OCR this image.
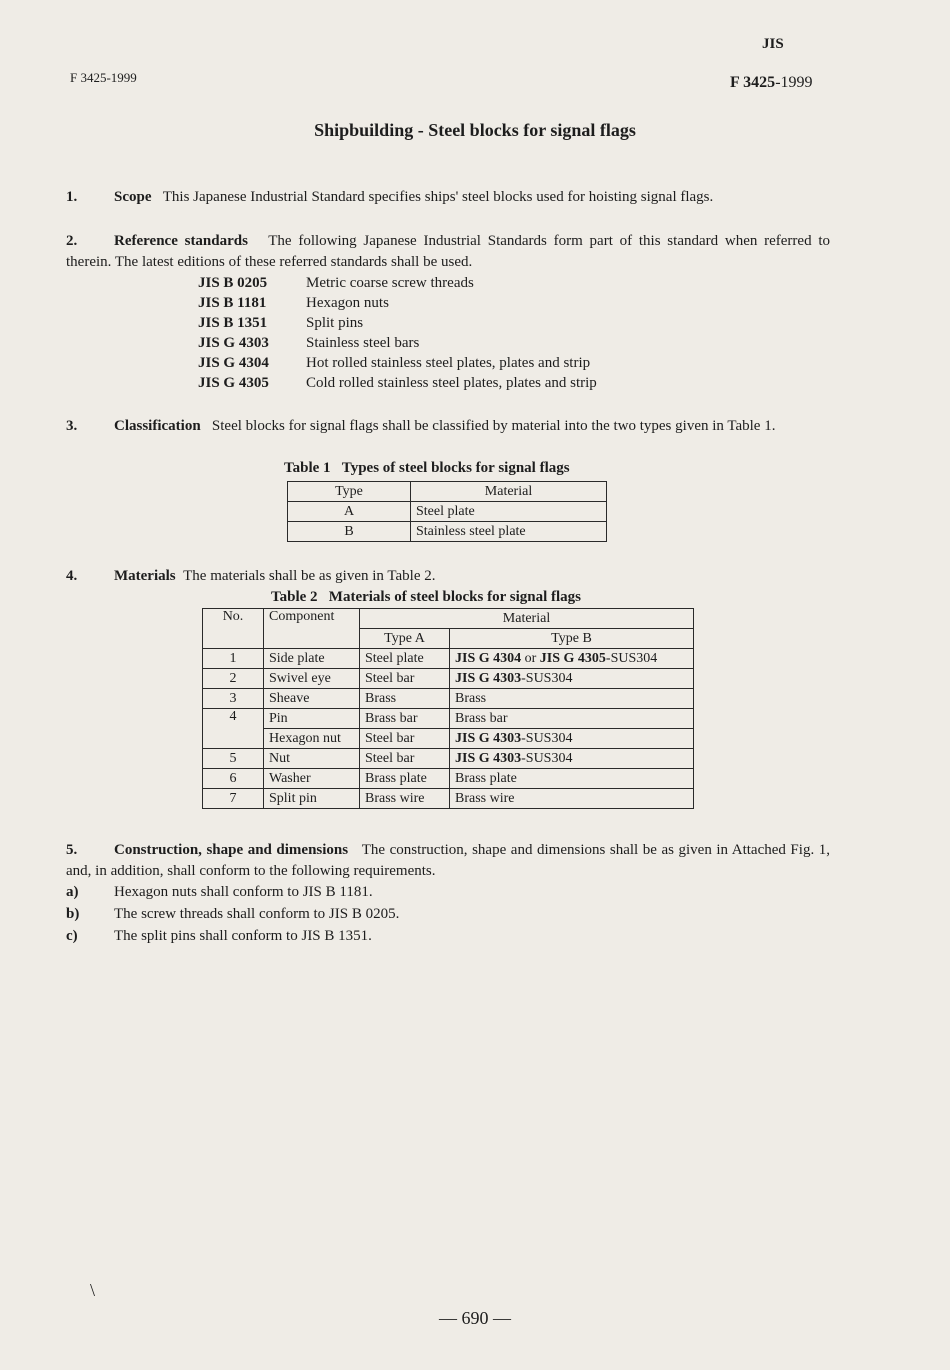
JIS
F 3425-1999	F 3425-1999
Shipbuilding - Steel blocks for signal flags
1. Scope This Japanese Industrial Standard specifies ships' steel blocks used for hoisting signal flags.
2. Reference standards The following Japanese Industrial Standards form part of this standard when referred to therein. The latest editions of these referred standards shall be used.
JIS B 0205	Metric coarse screw threads
JIS B 1181	Hexagon nuts
JIS B 1351	Split pins
JIS G 4303	Stainless steel bars
JIS G 4304	Hot rolled stainless steel plates, plates and strip
JIS G 4305	Cold rolled stainless steel plates, plates and strip
3. Classification Steel blocks for signal flags shall be classified by material into the two types given in Table 1.
Table 1 Types of steel blocks for signal flags
Type	Material
A	Steel plate
B	Stainless steel plate
4. Materials The materials shall be as given in Table 2.
Table 2 Materials of steel blocks for signal flags
No.	Component	Material	
		Type A	Type B
1	Side plate	Steel plate	JIS G 4304 or JIS G 4305-SUS304
2	Swivel eye	Steel bar	JIS G 4303-SUS304
3	Sheave	Brass	Brass
4	Pin	Brass bar	Brass bar
	Hexagon nut	Steel bar	JIS G 4303-SUS304
5	Nut	Steel bar	JIS G 4303-SUS304
6	Washer	Brass plate	Brass plate
7	Split pin	Brass wire	Brass wire
5. Construction, shape and dimensions The construction, shape and dimensions shall be as given in Attached Fig. 1, and, in addition, shall conform to the following requirements.
a) Hexagon nuts shall conform to JIS B 1181.
b) The screw threads shall conform to JIS B 0205.
c) The split pins shall conform to JIS B 1351.
\
— 690 —
